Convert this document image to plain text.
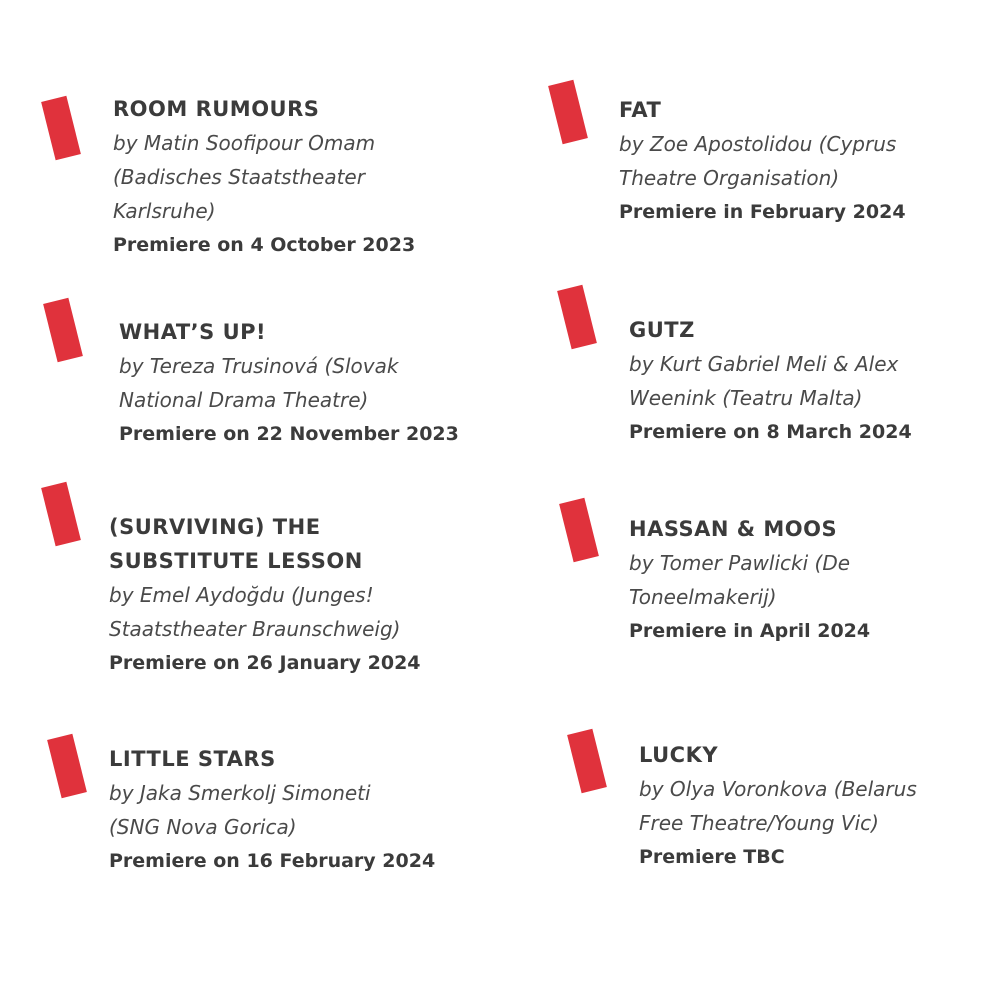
ROOM RUMOURS
by Matin Soofipour Omam
(Badisches Staatstheater
Karlsruhe)
Premiere on 4 October 2023
FAT
by Zoe Apostolidou (Cyprus
Theatre Organisation)
Premiere in February 2024
WHAT’S UP!
by Tereza Trusinová (Slovak
National Drama Theatre)
Premiere on 22 November 2023
GUTZ
by Kurt Gabriel Meli & Alex
Weenink (Teatru Malta)
Premiere on 8 March 2024
(SURVIVING) THE
SUBSTITUTE LESSON
by Emel Aydoğdu (Junges!
Staatstheater Braunschweig)
Premiere on 26 January 2024
HASSAN & MOOS
by Tomer Pawlicki (De
Toneelmakerij)
Premiere in April 2024
LITTLE STARS
by Jaka Smerkolj Simoneti
(SNG Nova Gorica)
Premiere on 16 February 2024
LUCKY
by Olya Voronkova (Belarus
Free Theatre/Young Vic)
Premiere TBC
